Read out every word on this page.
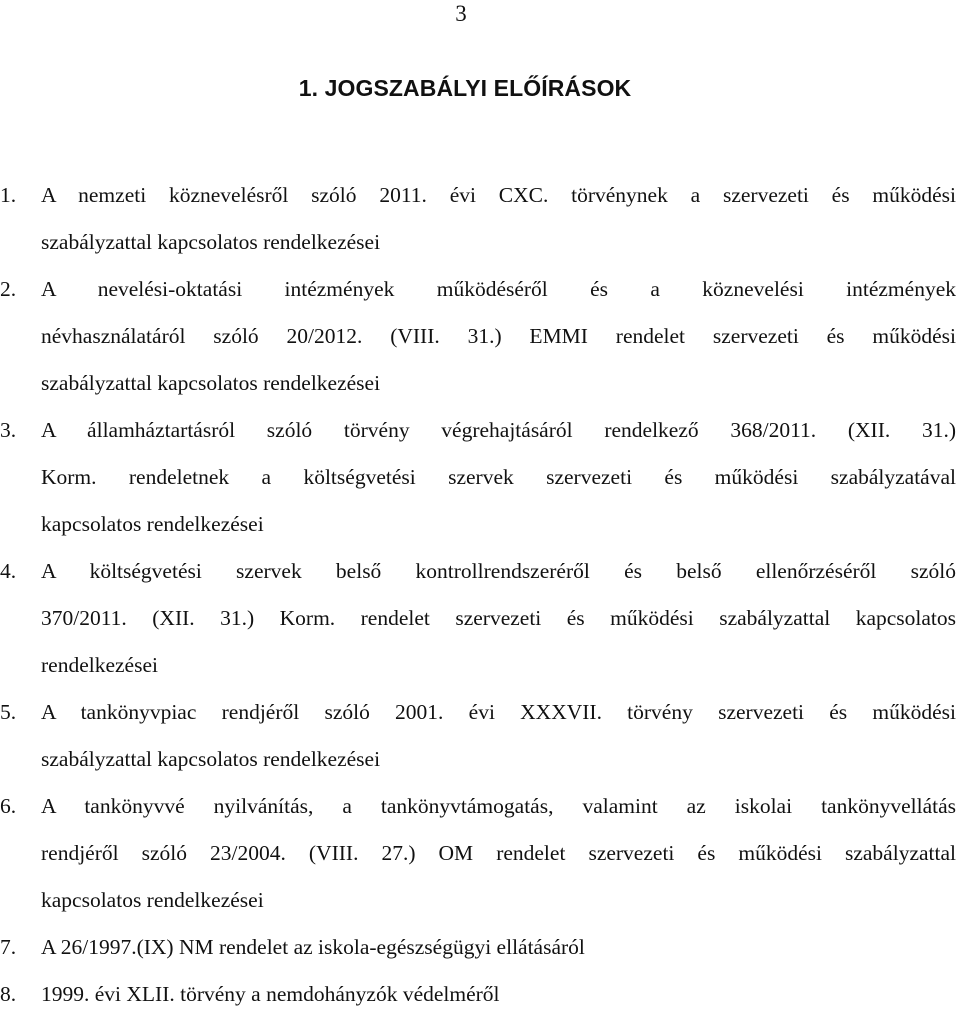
3
1. JOGSZABÁLYI ELŐÍRÁSOK
1. A nemzeti köznevelésről szóló 2011. évi CXC. törvénynek a szervezeti és működési
szabályzattal kapcsolatos rendelkezései
2. A nevelési-oktatási intézmények működéséről és a köznevelési intézmények
névhasználatáról szóló 20/2012. (VIII. 31.) EMMI rendelet szervezeti és működési
szabályzattal kapcsolatos rendelkezései
3. A államháztartásról szóló törvény végrehajtásáról rendelkező 368/2011. (XII. 31.)
Korm. rendeletnek a költségvetési szervek szervezeti és működési szabályzatával
kapcsolatos rendelkezései
4. A költségvetési szervek belső kontrollrendszeréről és belső ellenőrzéséről szóló
370/2011. (XII. 31.) Korm. rendelet szervezeti és működési szabályzattal kapcsolatos
rendelkezései
5. A tankönyvpiac rendjéről szóló 2001. évi XXXVII. törvény szervezeti és működési
szabályzattal kapcsolatos rendelkezései
6. A tankönyvvé nyilvánítás, a tankönyvtámogatás, valamint az iskolai tankönyvellátás
rendjéről szóló 23/2004. (VIII. 27.) OM rendelet szervezeti és működési szabályzattal
kapcsolatos rendelkezései
7. A 26/1997.(IX) NM rendelet az iskola-egészségügyi ellátásáról
8. 1999. évi XLII. törvény a nemdohányzók védelméről
